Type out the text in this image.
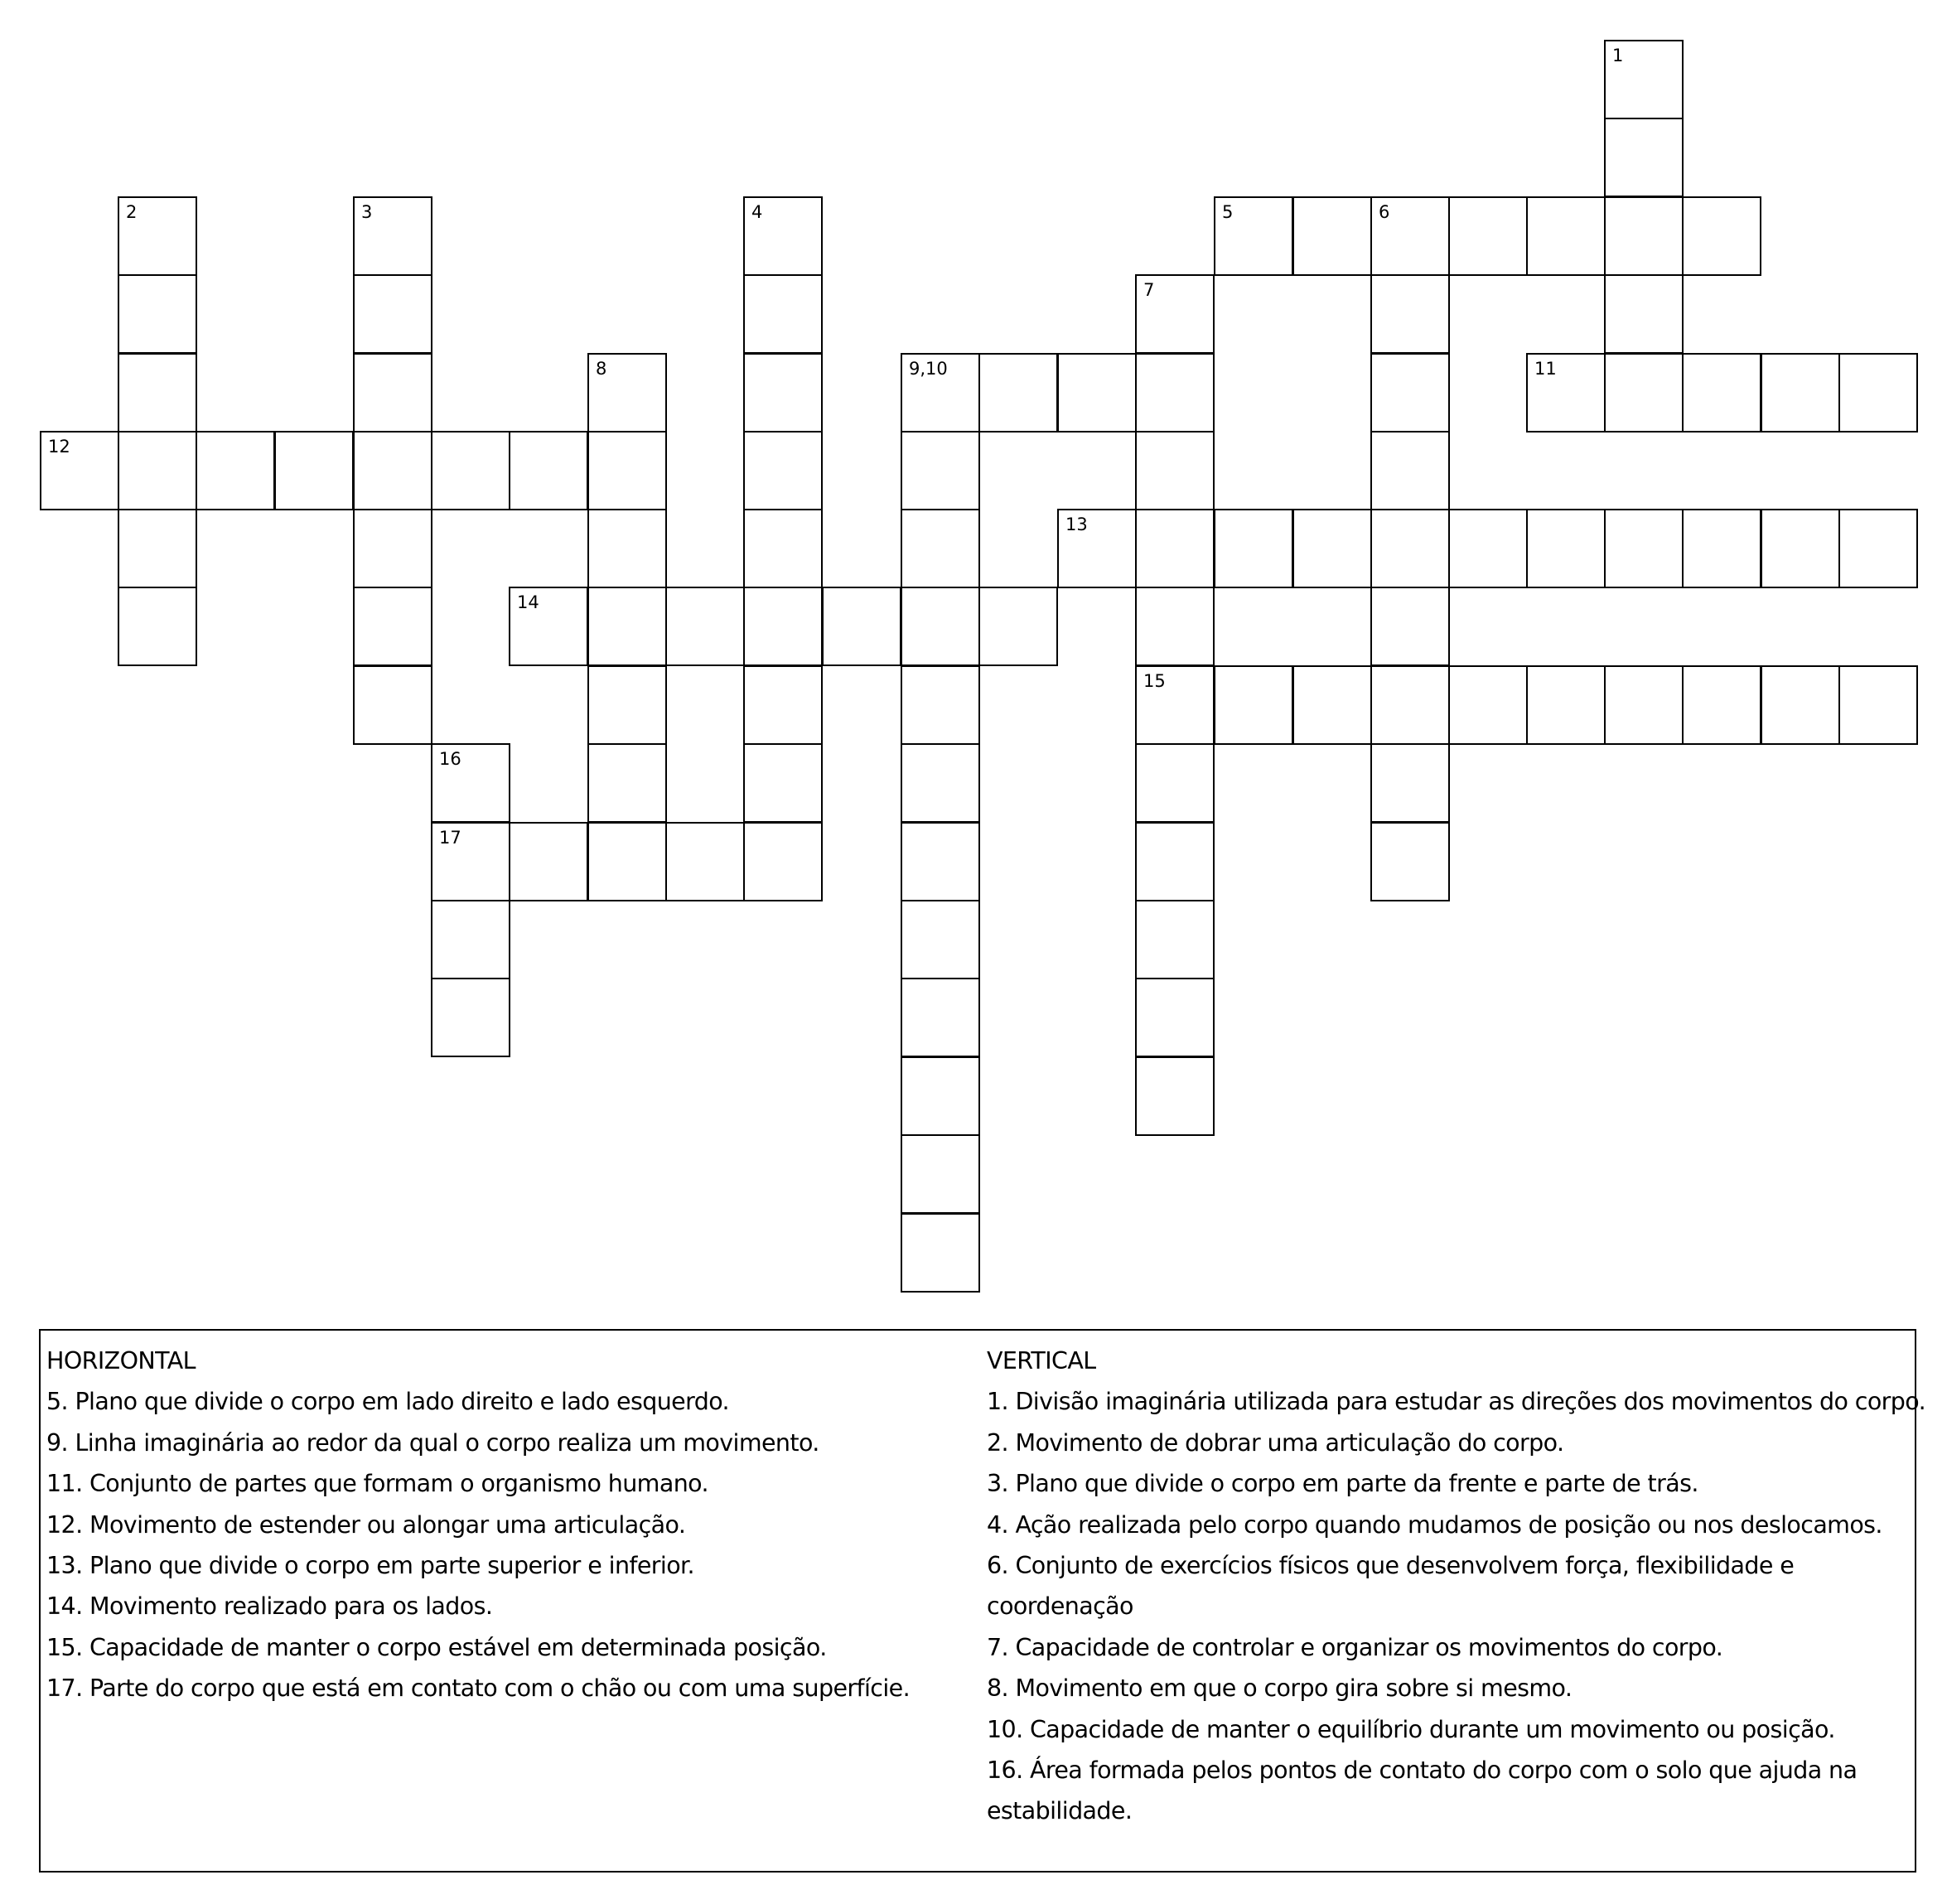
1
5	6
11
2	3	4
7
15
8	9,10
12
13
14
16
17
HORIZONTAL
5. Plano que divide o corpo em lado direito e lado esquerdo.
9. Linha imaginária ao redor da qual o corpo realiza um movimento.
11. Conjunto de partes que formam o organismo humano.
12. Movimento de estender ou alongar uma articulação.
13. Plano que divide o corpo em parte superior e inferior.
14. Movimento realizado para os lados.
15. Capacidade de manter o corpo estável em determinada posição.
17. Parte do corpo que está em contato com o chão ou com uma superfície.
VERTICAL
1. Divisão imaginária utilizada para estudar as direções dos movimentos do corpo.
2. Movimento de dobrar uma articulação do corpo.
3. Plano que divide o corpo em parte da frente e parte de trás.
4. Ação realizada pelo corpo quando mudamos de posição ou nos deslocamos.
6. Conjunto de exercícios físicos que desenvolvem força, flexibilidade e
coordenação
7. Capacidade de controlar e organizar os movimentos do corpo.
8. Movimento em que o corpo gira sobre si mesmo.
10. Capacidade de manter o equilíbrio durante um movimento ou posição.
16. Área formada pelos pontos de contato do corpo com o solo que ajuda na
estabilidade.
